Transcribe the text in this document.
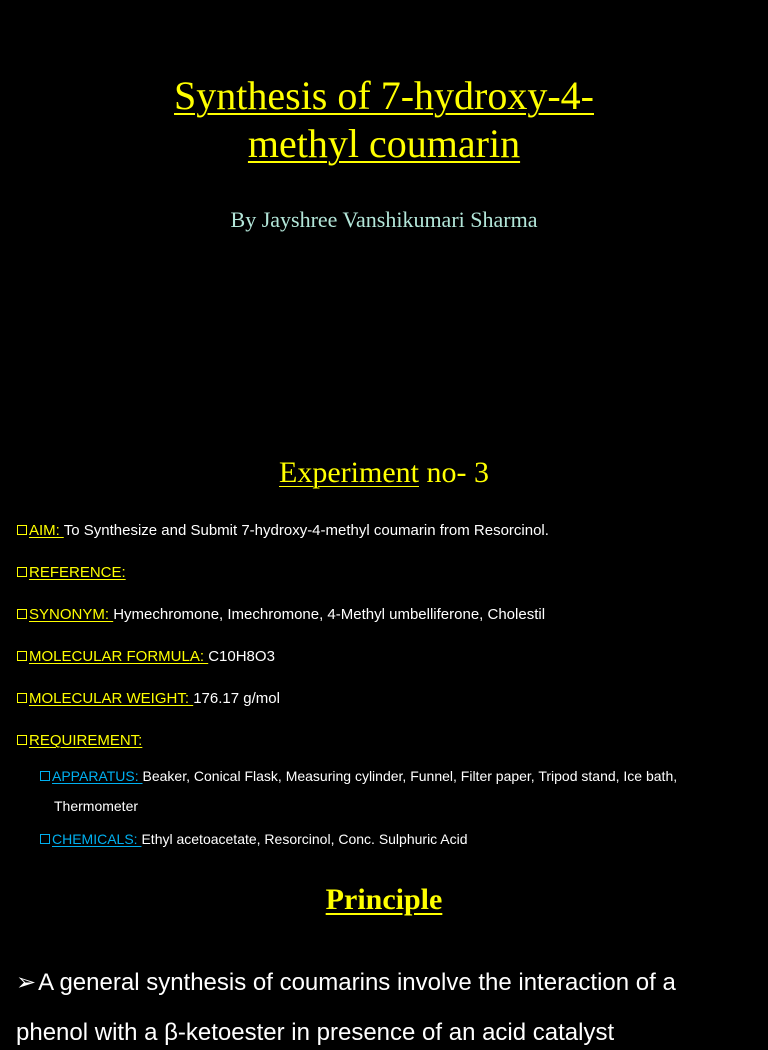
Synthesis of 7-hydroxy-4-
methyl coumarin
By Jayshree Vanshikumari Sharma
Experiment no- 3
AIM: To Synthesize and Submit 7-hydroxy-4-methyl coumarin from Resorcinol.
REFERENCE:
SYNONYM: Hymechromone, Imechromone, 4-Methyl umbelliferone, Cholestil
MOLECULAR FORMULA: C10H8O3
MOLECULAR WEIGHT: 176.17 g/mol
REQUIREMENT:
APPARATUS: Beaker, Conical Flask, Measuring cylinder, Funnel, Filter paper, Tripod stand, Ice bath,
Thermometer
CHEMICALS: Ethyl acetoacetate, Resorcinol, Conc. Sulphuric Acid
Principle
➢A general synthesis of coumarins involve the interaction of a
phenol with a β-ketoester in presence of an acid catalyst
